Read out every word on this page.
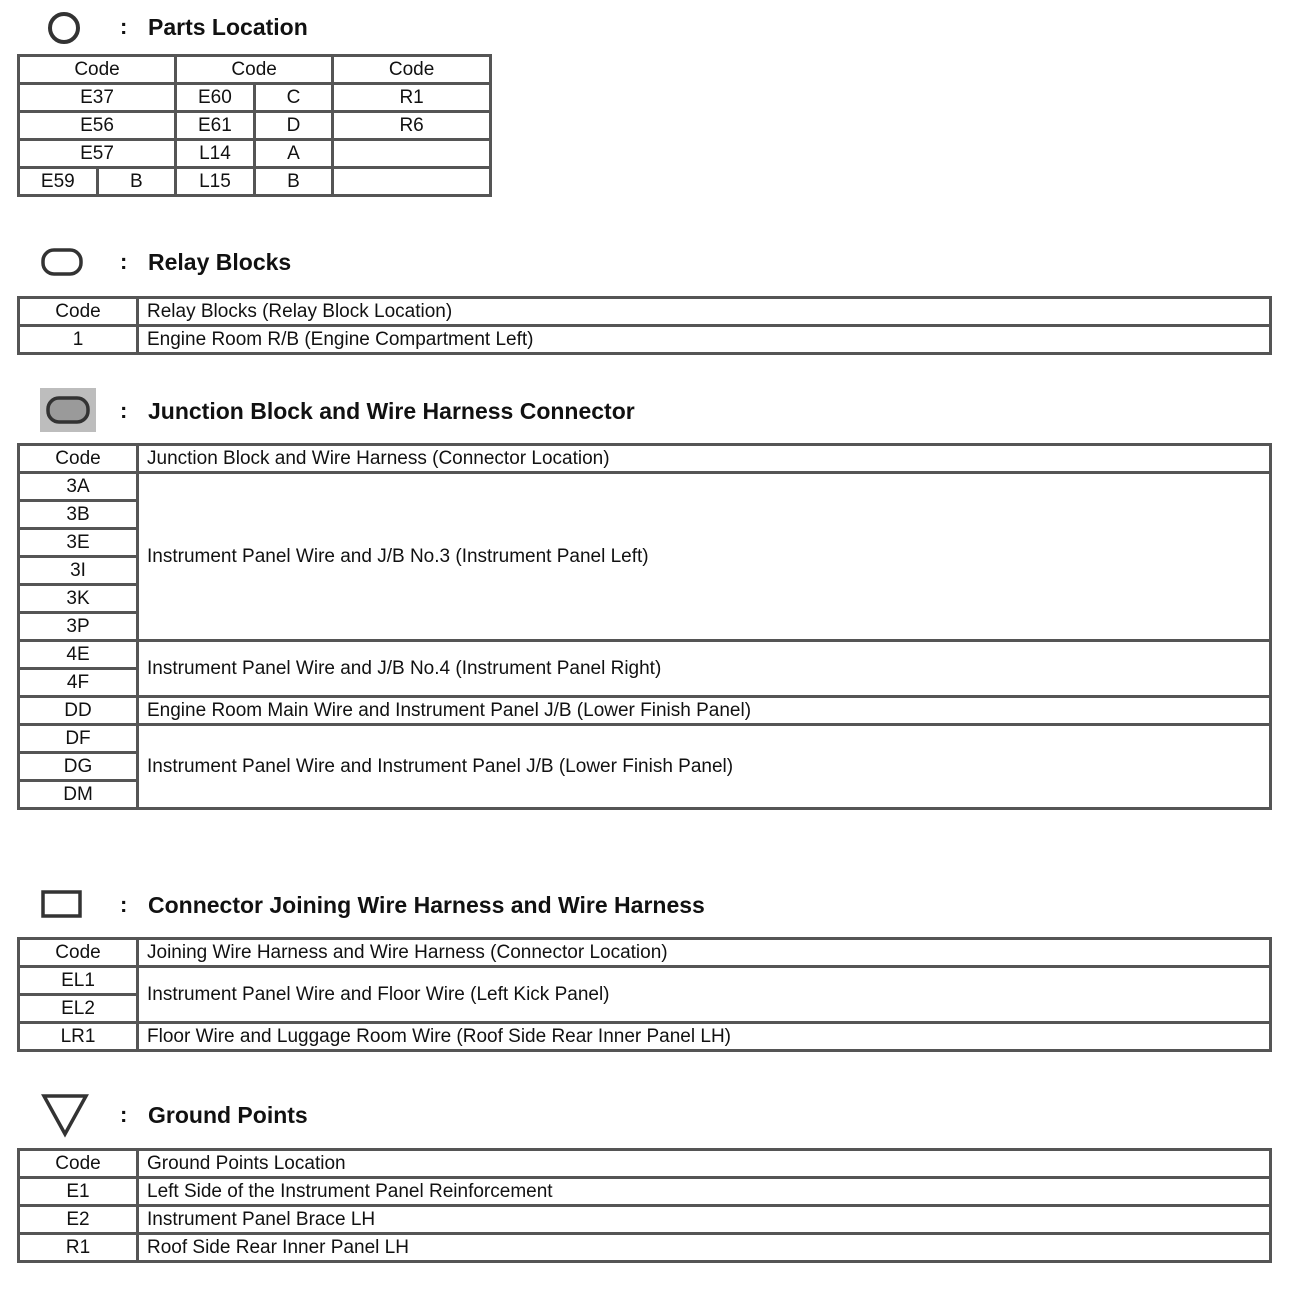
: Parts Location
Code		Code		Code
E37		E60	C	R1
E56		E61	D	R6
E57		L14	A	
E59	B	L15	B	
: Relay Blocks
Code	Relay Blocks (Relay Block Location)
1	Engine Room R/B (Engine Compartment Left)
: Junction Block and Wire Harness Connector
Code	Junction Block and Wire Harness (Connector Location)
3A	Instrument Panel Wire and J/B No.3 (Instrument Panel Left)
3B	
3E	
3I	
3K	
3P	
4E	Instrument Panel Wire and J/B No.4 (Instrument Panel Right)
4F	
DD	Engine Room Main Wire and Instrument Panel J/B (Lower Finish Panel)
DF	Instrument Panel Wire and Instrument Panel J/B (Lower Finish Panel)
DG	
DM	
: Connector Joining Wire Harness and Wire Harness
Code	Joining Wire Harness and Wire Harness (Connector Location)
EL1	Instrument Panel Wire and Floor Wire (Left Kick Panel)
EL2	
LR1	Floor Wire and Luggage Room Wire (Roof Side Rear Inner Panel LH)
: Ground Points
Code	Ground Points Location
E1	Left Side of the Instrument Panel Reinforcement
E2	Instrument Panel Brace LH
R1	Roof Side Rear Inner Panel LH
